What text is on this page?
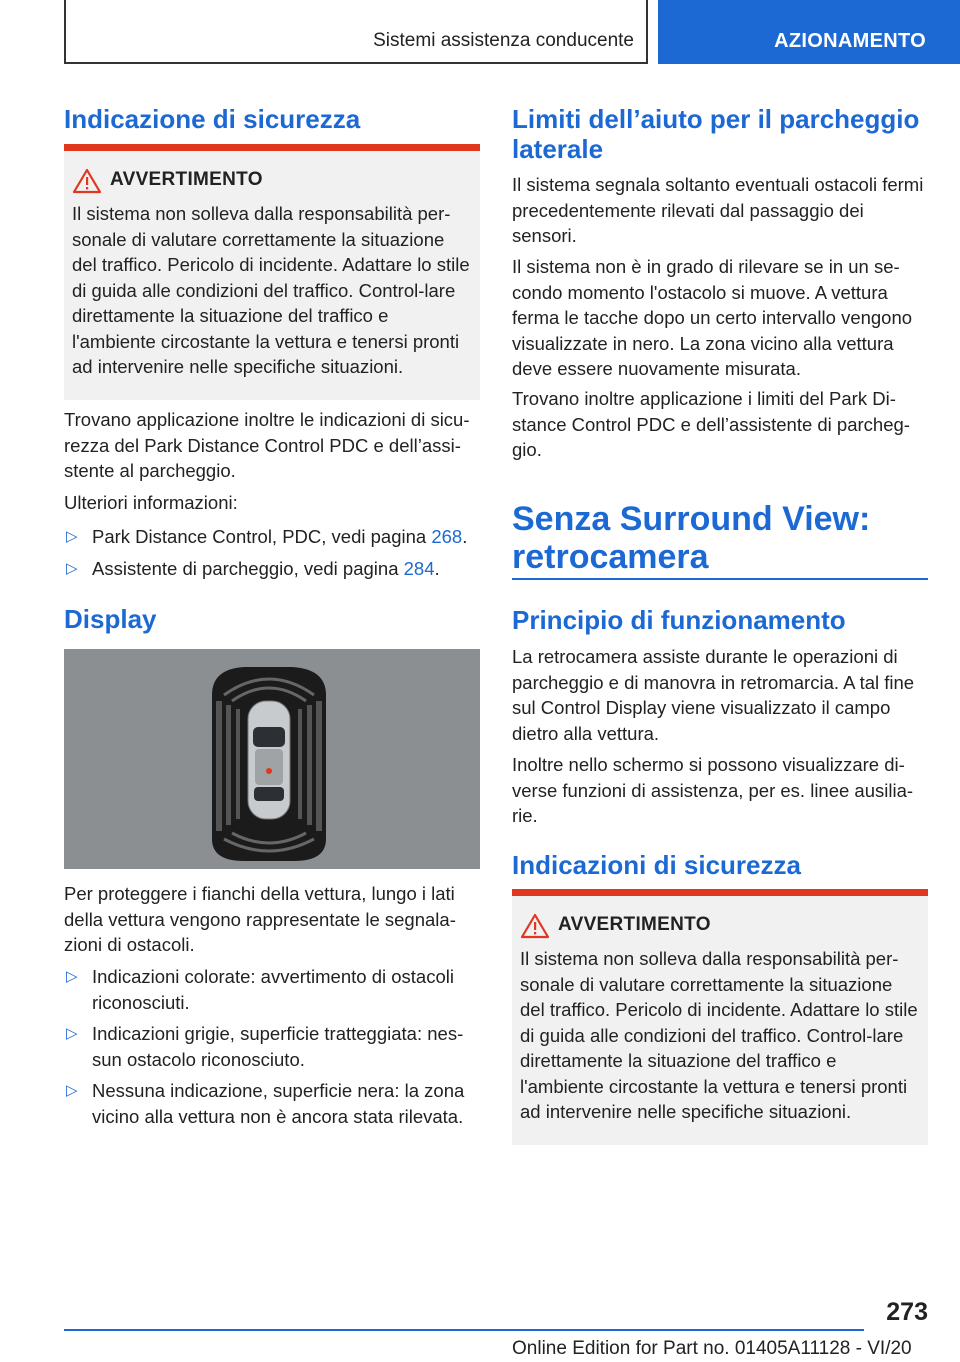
Sistemi assistenza conducente	AZIONAMENTO
Indicazione di sicurezza
AVVERTIMENTO
Il sistema non solleva dalla responsabilità per-sonale di valutare correttamente la situazione del traffico. Pericolo di incidente. Adattare lo stile di guida alle condizioni del traffico. Control-lare direttamente la situazione del traffico e l'ambiente circostante la vettura e tenersi pronti ad intervenire nelle specifiche situazioni.

Trovano applicazione inoltre le indicazioni di sicu-rezza del Park Distance Control PDC e dell’assi-stente al parcheggio.

Ulteriori informazioni:

▷ Park Distance Control, PDC, vedi pagina 268.
▷ Assistente di parcheggio, vedi pagina 284.
Display

Per proteggere i fianchi della vettura, lungo i lati della vettura vengono rappresentate le segnala-zioni di ostacoli.

▷ Indicazioni colorate: avvertimento di ostacoli riconosciuti.
▷ Indicazioni grigie, superficie tratteggiata: nes-sun ostacolo riconosciuto.
▷ Nessuna indicazione, superficie nera: la zona vicino alla vettura non è ancora stata rilevata.
Limiti dell’aiuto per il parcheggio laterale

Il sistema segnala soltanto eventuali ostacoli fermi precedentemente rilevati dal passaggio dei sensori.

Il sistema non è in grado di rilevare se in un se-condo momento l'ostacolo si muove. A vettura ferma le tacche dopo un certo intervallo vengono visualizzate in nero. La zona vicino alla vettura deve essere nuovamente misurata.

Trovano inoltre applicazione i limiti del Park Di-stance Control PDC e dell’assistente di parcheg-gio.

Senza Surround View: retrocamera
Principio di funzionamento

La retrocamera assiste durante le operazioni di parcheggio e di manovra in retromarcia. A tal fine sul Control Display viene visualizzato il campo dietro alla vettura.

Inoltre nello schermo si possono visualizzare di-verse funzioni di assistenza, per es. linee ausilia-rie.

Indicazioni di sicurezza
AVVERTIMENTO
Il sistema non solleva dalla responsabilità per-sonale di valutare correttamente la situazione del traffico. Pericolo di incidente. Adattare lo stile di guida alle condizioni del traffico. Control-lare direttamente la situazione del traffico e l'ambiente circostante la vettura e tenersi pronti ad intervenire nelle specifiche situazioni.
273
Online Edition for Part no. 01405A11128 - VI/20
